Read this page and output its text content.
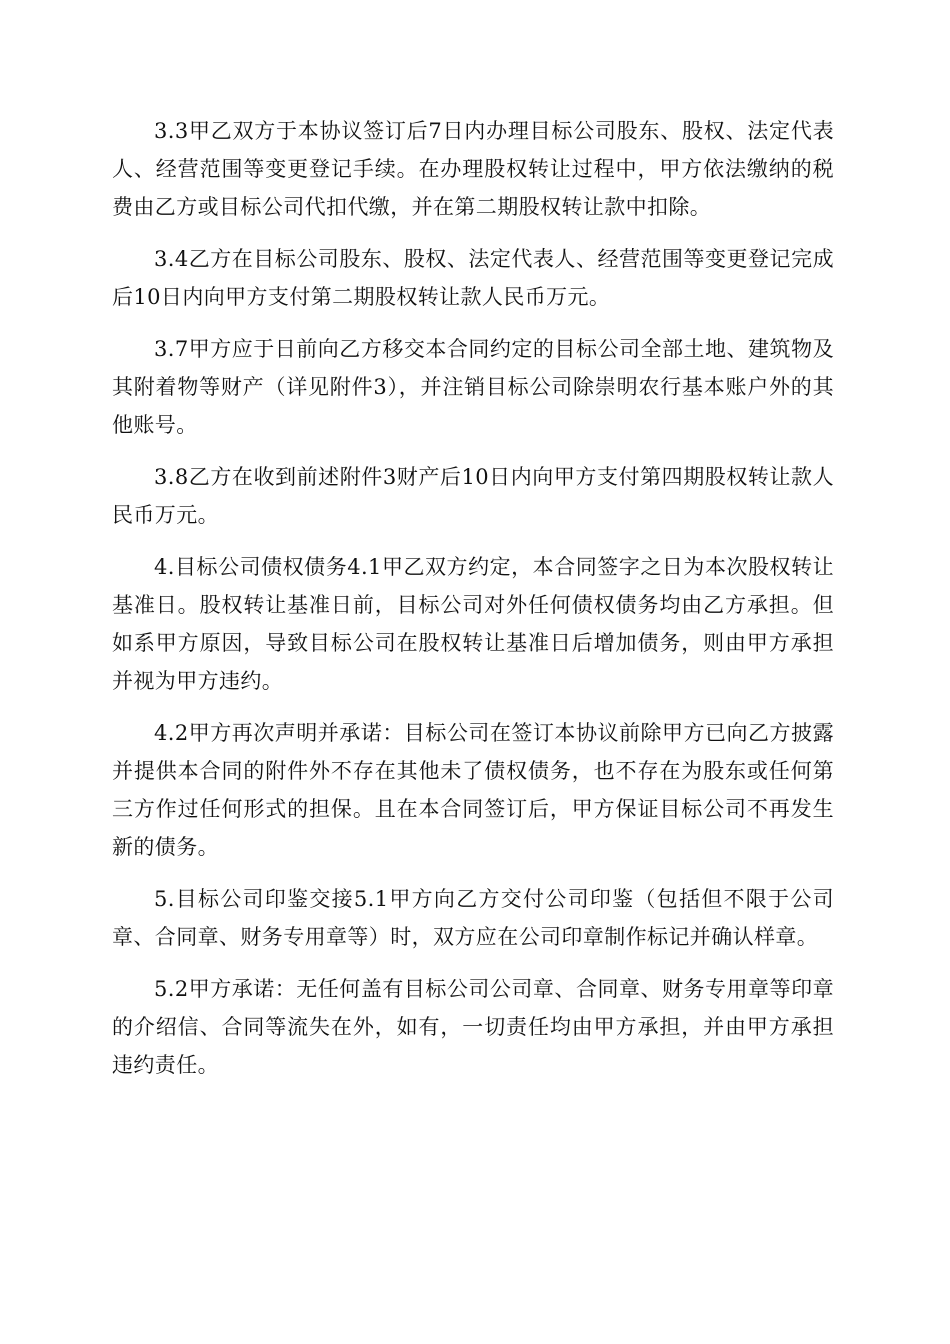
3.3甲乙双方于本协议签订后7日内办理目标公司股东、股权、法定代表人、经营范围等变更登记手续。在办理股权转让过程中，甲方依法缴纳的税费由乙方或目标公司代扣代缴，并在第二期股权转让款中扣除。

3.4乙方在目标公司股东、股权、法定代表人、经营范围等变更登记完成后10日内向甲方支付第二期股权转让款人民币万元。

3.7甲方应于日前向乙方移交本合同约定的目标公司全部土地、建筑物及其附着物等财产（详见附件3），并注销目标公司除崇明农行基本账户外的其他账号。

3.8乙方在收到前述附件3财产后10日内向甲方支付第四期股权转让款人民币万元。

4.目标公司债权债务4.1甲乙双方约定，本合同签字之日为本次股权转让基准日。股权转让基准日前，目标公司对外任何债权债务均由乙方承担。但如系甲方原因，导致目标公司在股权转让基准日后增加债务，则由甲方承担并视为甲方违约。

4.2甲方再次声明并承诺：目标公司在签订本协议前除甲方已向乙方披露并提供本合同的附件外不存在其他未了债权债务，也不存在为股东或任何第三方作过任何形式的担保。且在本合同签订后，甲方保证目标公司不再发生新的债务。

5.目标公司印鉴交接5.1甲方向乙方交付公司印鉴（包括但不限于公司章、合同章、财务专用章等）时，双方应在公司印章制作标记并确认样章。

5.2甲方承诺：无任何盖有目标公司公司章、合同章、财务专用章等印章的介绍信、合同等流失在外，如有，一切责任均由甲方承担，并由甲方承担违约责任。
